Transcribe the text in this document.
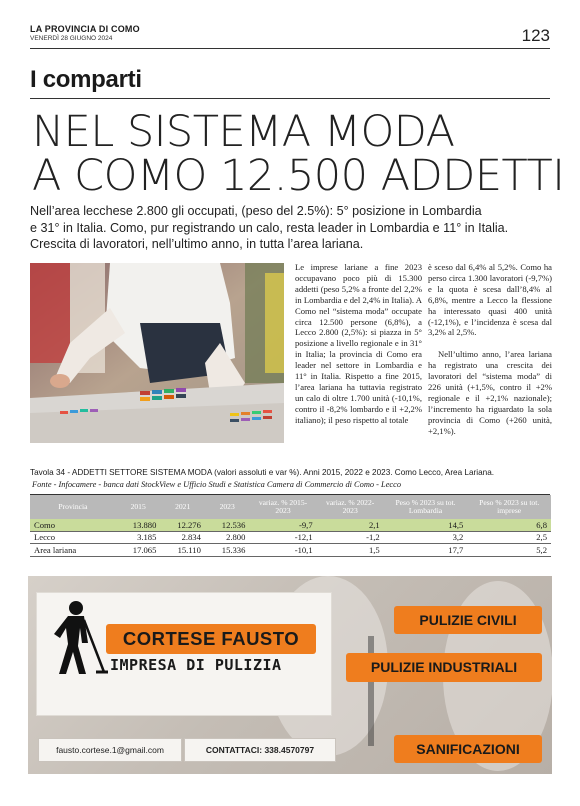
LA PROVINCIA DI COMO
VENERDÌ 28 GIUGNO 2024	123
I comparti
NEL SISTEMA MODA
A COMO 12.500 ADDETTI
Nell’area lecchese 2.800 gli occupati, (peso del 2.5%): 5° posizione in Lombardia
e 31° in Italia. Como, pur registrando un calo, resta leader in Lombardia e 11° in Italia.
Crescita di lavoratori, nell’ultimo anno, in tutta l’area lariana.

Le imprese lariane a fine 2023 occupavano poco più di 15.300 addetti (peso 5,2% a fronte del 2,2% in Lombardia e del 2,4% in Italia). A Como nel “sistema moda” occupate circa 12.500 persone (6,8%), a Lecco 2.800 (2,5%): si piazza in 5° posizione a livello regionale e in 31° in Italia; la provincia di Como era leader nel settore in Lombardia e 11° in Italia. Rispetto a fine 2015, l’area lariana ha tuttavia registrato un calo di oltre 1.700 unità (-10,1%, contro il -8,2% lombardo e il +2,2% italiano); il peso rispetto al totale

è sceso dal 6,4% al 5,2%. Como ha perso circa 1.300 lavoratori (-9,7%) e la quota è scesa dall’8,4% al 6,8%, mentre a Lecco la flessione ha interessato quasi 400 unità (-12,1%), e l’incidenza è scesa dal 3,2% al 2,5%.

Nell’ultimo anno, l’area lariana ha registrato una crescita dei lavoratori del “sistema moda” di 226 unità (+1,5%, contro il +2% regionale e il +2,1% nazionale); l’incremento ha riguardato la sola provincia di Como (+260 unità, +2,1%).

Tavola 34 - ADDETTI SETTORE SISTEMA MODA (valori assoluti e var %). Anni 2015, 2022 e 2023. Como Lecco, Area Lariana.
Fonte - Infocamere - banca dati StockView e Ufficio Studi e Statistica Camera di Commercio di Como - Lecco
Provincia	2015	2021	2023	variaz. % 2015-2023	variaz. % 2022-2023	Peso % 2023 su tot. Lombardia	Peso % 2023 su tot. imprese
Como	13.880	12.276	12.536	-9,7	2,1	14,5	6,8
Lecco	3.185	2.834	2.800	-12,1	-1,2	3,2	2,5
Area lariana	17.065	15.110	15.336	-10,1	1,5	17,7	5,2
CORTESE FAUSTO
IMPRESA DI PULIZIA
PULIZIE CIVILI
PULIZIE INDUSTRIALI
SANIFICAZIONI
fausto.cortese.1@gmail.com	CONTATTACI: 338.4570797
